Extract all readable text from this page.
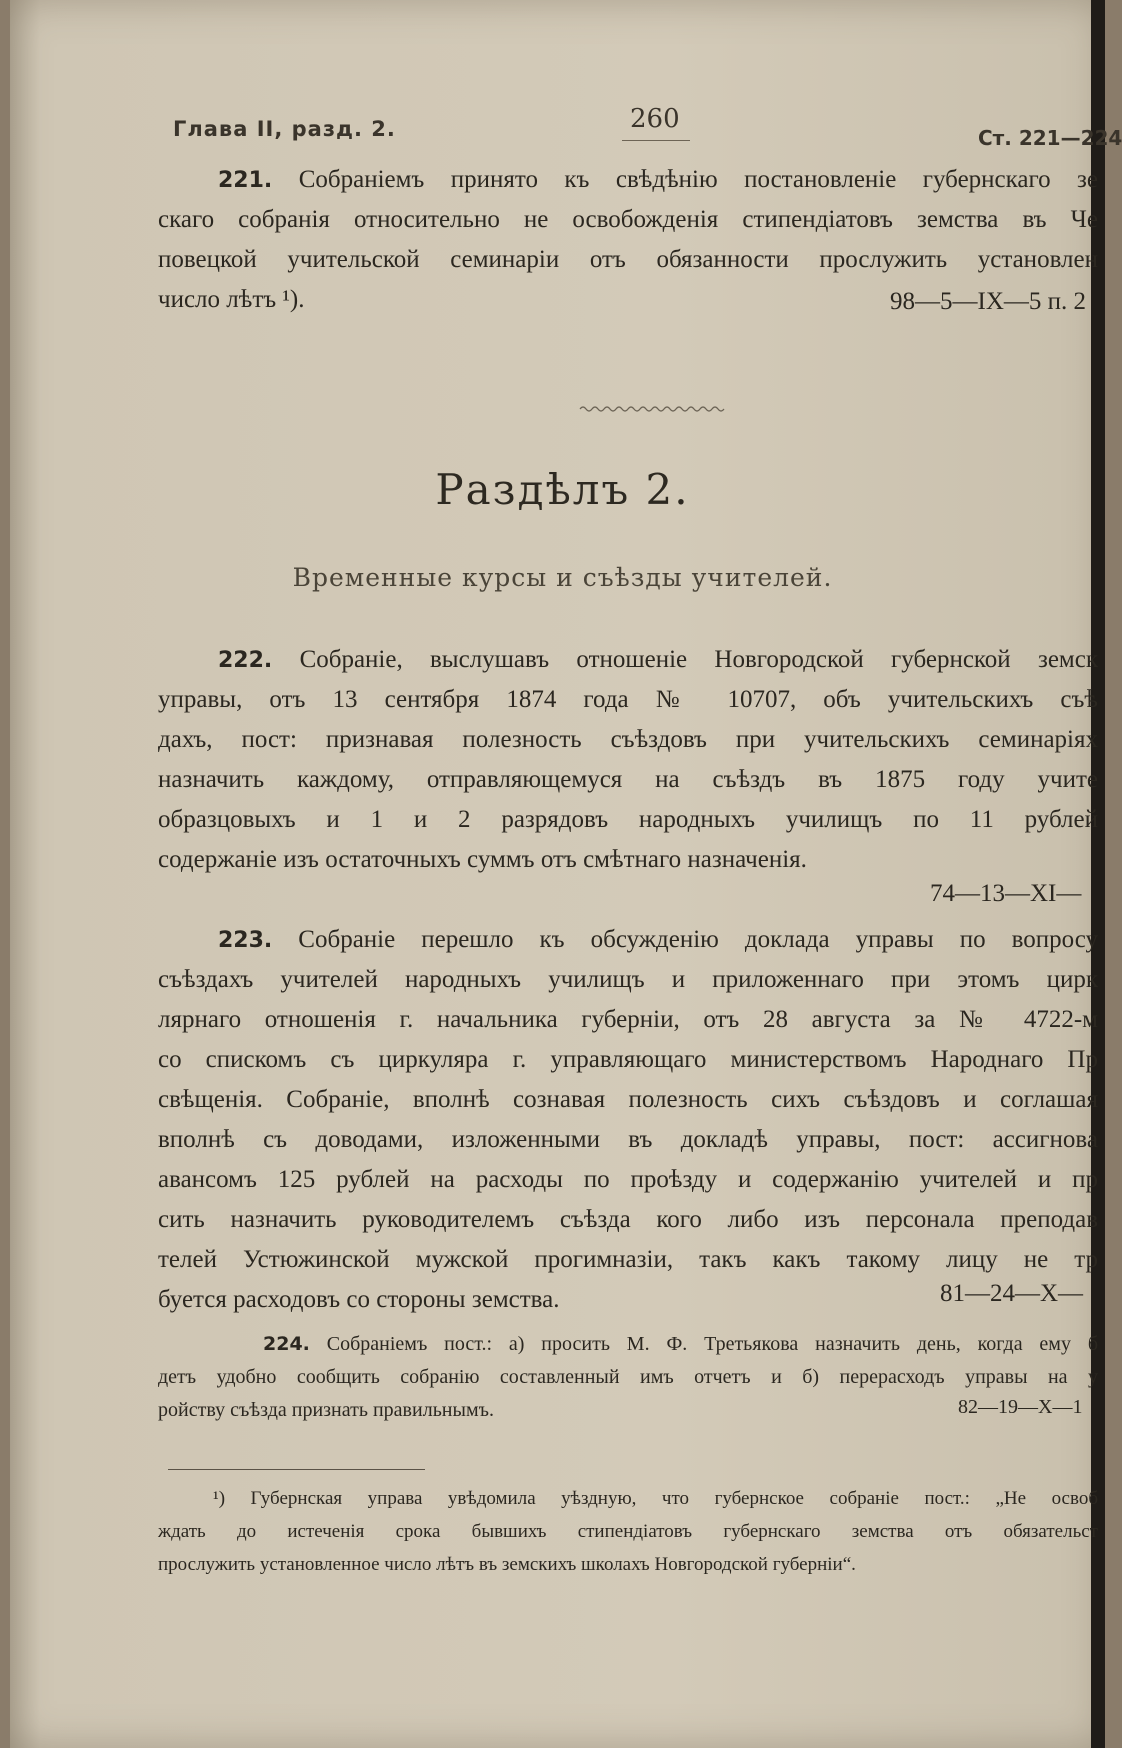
Глава II, разд. 2.	260
Ст. 221—224
221. Собраніемъ принято къ свѣдѣнію постановленіе губернскаго зе
скаго собранія относительно не освобожденія стипендіатовъ земства въ Че
повецкой учительской семинаріи отъ обязанности прослужить установлен
число лѣтъ ¹).	98—5—IX—5 п. 2
Раздѣлъ 2.
Временные курсы и съѣзды учителей.
222. Собраніе, выслушавъ отношеніе Новгородской губернской земск
управы, отъ 13 сентября 1874 года № 10707, объ учительскихъ съѣ
дахъ, пост: признавая полезность съѣздовъ при учительскихъ семинаріях
назначить каждому, отправляющемуся на съѣздъ въ 1875 году учите
образцовыхъ и 1 и 2 разрядовъ народныхъ училищъ по 11 рублей
содержаніе изъ остаточныхъ суммъ отъ смѣтнаго назначенія.
74—13—XI—
223. Собраніе перешло къ обсужденію доклада управы по вопросу
съѣздахъ учителей народныхъ училищъ и приложеннаго при этомъ цирк
лярнаго отношенія г. начальника губерніи, отъ 28 августа за № 4722-м
со спискомъ съ циркуляра г. управляющаго министерствомъ Народнаго Пр
свѣщенія. Собраніе, вполнѣ сознавая полезность сихъ съѣздовъ и соглашая
вполнѣ съ доводами, изложенными въ докладѣ управы, пост: ассигнова
авансомъ 125 рублей на расходы по проѣзду и содержанію учителей и пр
сить назначить руководителемъ съѣзда кого либо изъ персонала преподав
телей Устюжинской мужской прогимназіи, такъ какъ такому лицу не тр
буется расходовъ со стороны земства.	81—24—X—
224. Собраніемъ пост.: а) просить М. Ф. Третьякова назначить день, когда ему б
детъ удобно сообщить собранію составленный имъ отчетъ и б) перерасходъ управы на у
ройству съѣзда признать правильнымъ.	82—19—X—1
¹) Губернская управа увѣдомила уѣздную, что губернское собраніе пост.: „Не освоб
ждать до истеченія срока бывшихъ стипендіатовъ губернскаго земства отъ обязательст
прослужить установленное число лѣтъ въ земскихъ школахъ Новгородской губерніи“.
